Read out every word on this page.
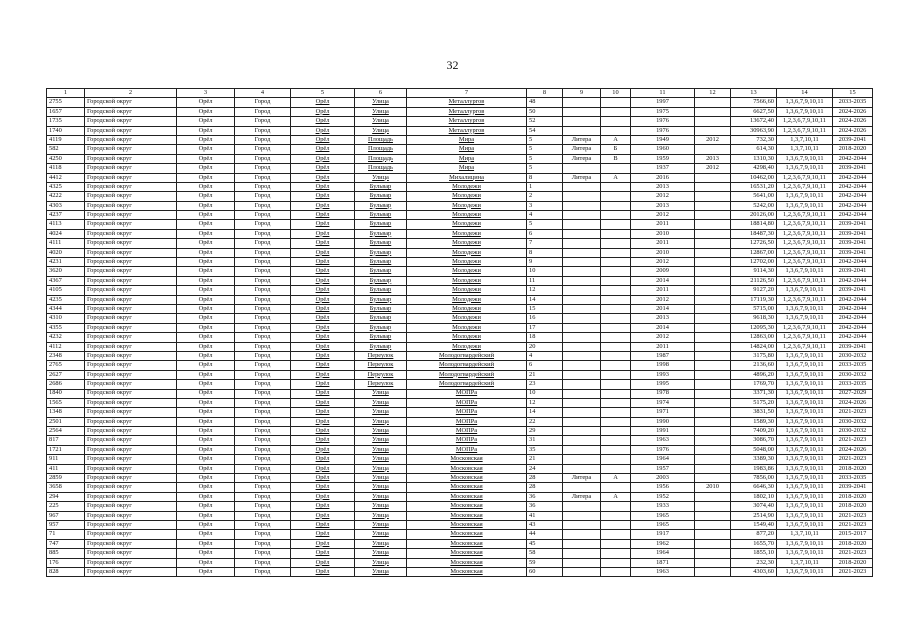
32
1	2	3	4	5	6	7	8	9	10	11	12	13	14	15
2755	Городской округ	Орёл	Город	Орёл	Улица	Металлургов	48			1997		7566,60	1,3,6,7,9,10,11	2033-2035
1657	Городской округ	Орёл	Город	Орёл	Улица	Металлургов	50			1975		6627,50	1,3,6,7,9,10,11	2024-2026
1735	Городской округ	Орёл	Город	Орёл	Улица	Металлургов	52			1976		13672,40	1,2,3,6,7,9,10,11	2024-2026
1740	Городской округ	Орёл	Город	Орёл	Улица	Металлургов	54			1976		30963,90	1,2,3,6,7,9,10,11	2024-2026
4119	Городской округ	Орёл	Город	Орёл	Площадь	Мира	5	Литера	А	1949	2012	732,30	1,3,7,10,11	2039-2041
582	Городской округ	Орёл	Город	Орёл	Площадь	Мира	5	Литера	Б	1960		614,30	1,3,7,10,11	2018-2020
4250	Городской округ	Орёл	Город	Орёл	Площадь	Мира	5	Литера	В	1959	2013	1310,30	1,3,6,7,9,10,11	2042-2044
4118	Городской округ	Орёл	Город	Орёл	Площадь	Мира	5			1937	2012	4298,40	1,3,6,7,9,10,11	2039-2041
4412	Городской округ	Орёл	Город	Орёл	Улица	Михалицина	8	Литера	А	2016		10462,00	1,2,3,6,7,9,10,11	2042-2044
4325	Городской округ	Орёл	Город	Орёл	Бульвар	Молодежи	1			2013		16531,20	1,2,3,6,7,9,10,11	2042-2044
4222	Городской округ	Орёл	Город	Орёл	Бульвар	Молодежи	2			2012		5641,00	1,3,6,7,9,10,11	2042-2044
4303	Городской округ	Орёл	Город	Орёл	Бульвар	Молодежи	3			2013		5242,00	1,3,6,7,9,10,11	2042-2044
4237	Городской округ	Орёл	Город	Орёл	Бульвар	Молодежи	4			2012		20126,00	1,2,3,6,7,9,10,11	2042-2044
4113	Городской округ	Орёл	Город	Орёл	Бульвар	Молодежи	5			2011		18814,80	1,2,3,6,7,9,10,11	2039-2041
4024	Городской округ	Орёл	Город	Орёл	Бульвар	Молодежи	6			2010		18487,30	1,2,3,6,7,9,10,11	2039-2041
4111	Городской округ	Орёл	Город	Орёл	Бульвар	Молодежи	7			2011		12726,50	1,2,3,6,7,9,10,11	2039-2041
4020	Городской округ	Орёл	Город	Орёл	Бульвар	Молодежи	8			2010		12867,00	1,2,3,6,7,9,10,11	2039-2041
4231	Городской округ	Орёл	Город	Орёл	Бульвар	Молодежи	9			2012		12702,00	1,2,3,6,7,9,10,11	2042-2044
3620	Городской округ	Орёл	Город	Орёл	Бульвар	Молодежи	10			2009		9114,30	1,3,6,7,9,10,11	2039-2041
4367	Городской округ	Орёл	Город	Орёл	Бульвар	Молодежи	11			2014		21126,50	1,2,3,6,7,9,10,11	2042-2044
4105	Городской округ	Орёл	Город	Орёл	Бульвар	Молодежи	12			2011		9127,20	1,3,6,7,9,10,11	2039-2041
4235	Городской округ	Орёл	Город	Орёл	Бульвар	Молодежи	14			2012		17119,30	1,2,3,6,7,9,10,11	2042-2044
4344	Городской округ	Орёл	Город	Орёл	Бульвар	Молодежи	15			2014		5715,00	1,3,6,7,9,10,11	2042-2044
4310	Городской округ	Орёл	Город	Орёл	Бульвар	Молодежи	16			2013		9618,30	1,3,6,7,9,10,11	2042-2044
4355	Городской округ	Орёл	Город	Орёл	Бульвар	Молодежи	17			2014		12095,30	1,2,3,6,7,9,10,11	2042-2044
4232	Городской округ	Орёл	Город	Орёл	Бульвар	Молодежи	18			2012		12863,00	1,2,3,6,7,9,10,11	2042-2044
4112	Городской округ	Орёл	Город	Орёл	Бульвар	Молодежи	20			2011		14824,00	1,2,3,6,7,9,10,11	2039-2041
2348	Городской округ	Орёл	Город	Орёл	Переулок	Молодогвардейский	4			1987		3175,80	1,3,6,7,9,10,11	2030-2032
2765	Городской округ	Орёл	Город	Орёл	Переулок	Молодогвардейский	6			1998		2136,60	1,3,6,7,9,10,11	2033-2035
2627	Городской округ	Орёл	Город	Орёл	Переулок	Молодогвардейский	21			1993		4896,20	1,3,6,7,9,10,11	2030-2032
2686	Городской округ	Орёл	Город	Орёл	Переулок	Молодогвардейский	23			1995		1769,70	1,3,6,7,9,10,11	2033-2035
1840	Городской округ	Орёл	Город	Орёл	Улица	МОПРа	10			1978		3371,30	1,3,6,7,9,10,11	2027-2029
1565	Городской округ	Орёл	Город	Орёл	Улица	МОПРа	12			1974		5175,20	1,3,6,7,9,10,11	2024-2026
1348	Городской округ	Орёл	Город	Орёл	Улица	МОПРа	14			1971		3831,50	1,3,6,7,9,10,11	2021-2023
2501	Городской округ	Орёл	Город	Орёл	Улица	МОПРа	22			1990		1589,30	1,3,6,7,9,10,11	2030-2032
2564	Городской округ	Орёл	Город	Орёл	Улица	МОПРа	29			1991		7409,20	1,3,6,7,9,10,11	2030-2032
817	Городской округ	Орёл	Город	Орёл	Улица	МОПРа	31			1963		3086,70	1,3,6,7,9,10,11	2021-2023
1721	Городской округ	Орёл	Город	Орёл	Улица	МОПРа	35			1976		5048,00	1,3,6,7,9,10,11	2024-2026
911	Городской округ	Орёл	Город	Орёл	Улица	Московская	21			1964		3389,30	1,3,6,7,9,10,11	2021-2023
411	Городской округ	Орёл	Город	Орёл	Улица	Московская	24			1957		1983,86	1,3,6,7,9,10,11	2018-2020
2859	Городской округ	Орёл	Город	Орёл	Улица	Московская	28	Литера	А	2003		7856,00	1,3,6,7,9,10,11	2033-2035
3658	Городской округ	Орёл	Город	Орёл	Улица	Московская	28			1956	2010	6646,30	1,3,6,7,9,10,11	2039-2041
294	Городской округ	Орёл	Город	Орёл	Улица	Московская	36	Литера	А	1952		1802,10	1,3,6,7,9,10,11	2018-2020
225	Городской округ	Орёл	Город	Орёл	Улица	Московская	36			1933		3074,40	1,3,6,7,9,10,11	2018-2020
967	Городской округ	Орёл	Город	Орёл	Улица	Московская	41			1965		2514,90	1,3,6,7,9,10,11	2021-2023
957	Городской округ	Орёл	Город	Орёл	Улица	Московская	43			1965		1549,40	1,3,6,7,9,10,11	2021-2023
71	Городской округ	Орёл	Город	Орёл	Улица	Московская	44			1917		877,20	1,3,7,10,11	2015-2017
747	Городской округ	Орёл	Город	Орёл	Улица	Московская	45			1962		1655,70	1,3,6,7,9,10,11	2018-2020
885	Городской округ	Орёл	Город	Орёл	Улица	Московская	58			1964		1855,10	1,3,6,7,9,10,11	2021-2023
176	Городской округ	Орёл	Город	Орёл	Улица	Московская	59			1871		232,30	1,3,7,10,11	2018-2020
828	Городской округ	Орёл	Город	Орёл	Улица	Московская	60			1963		4303,60	1,3,6,7,9,10,11	2021-2023
